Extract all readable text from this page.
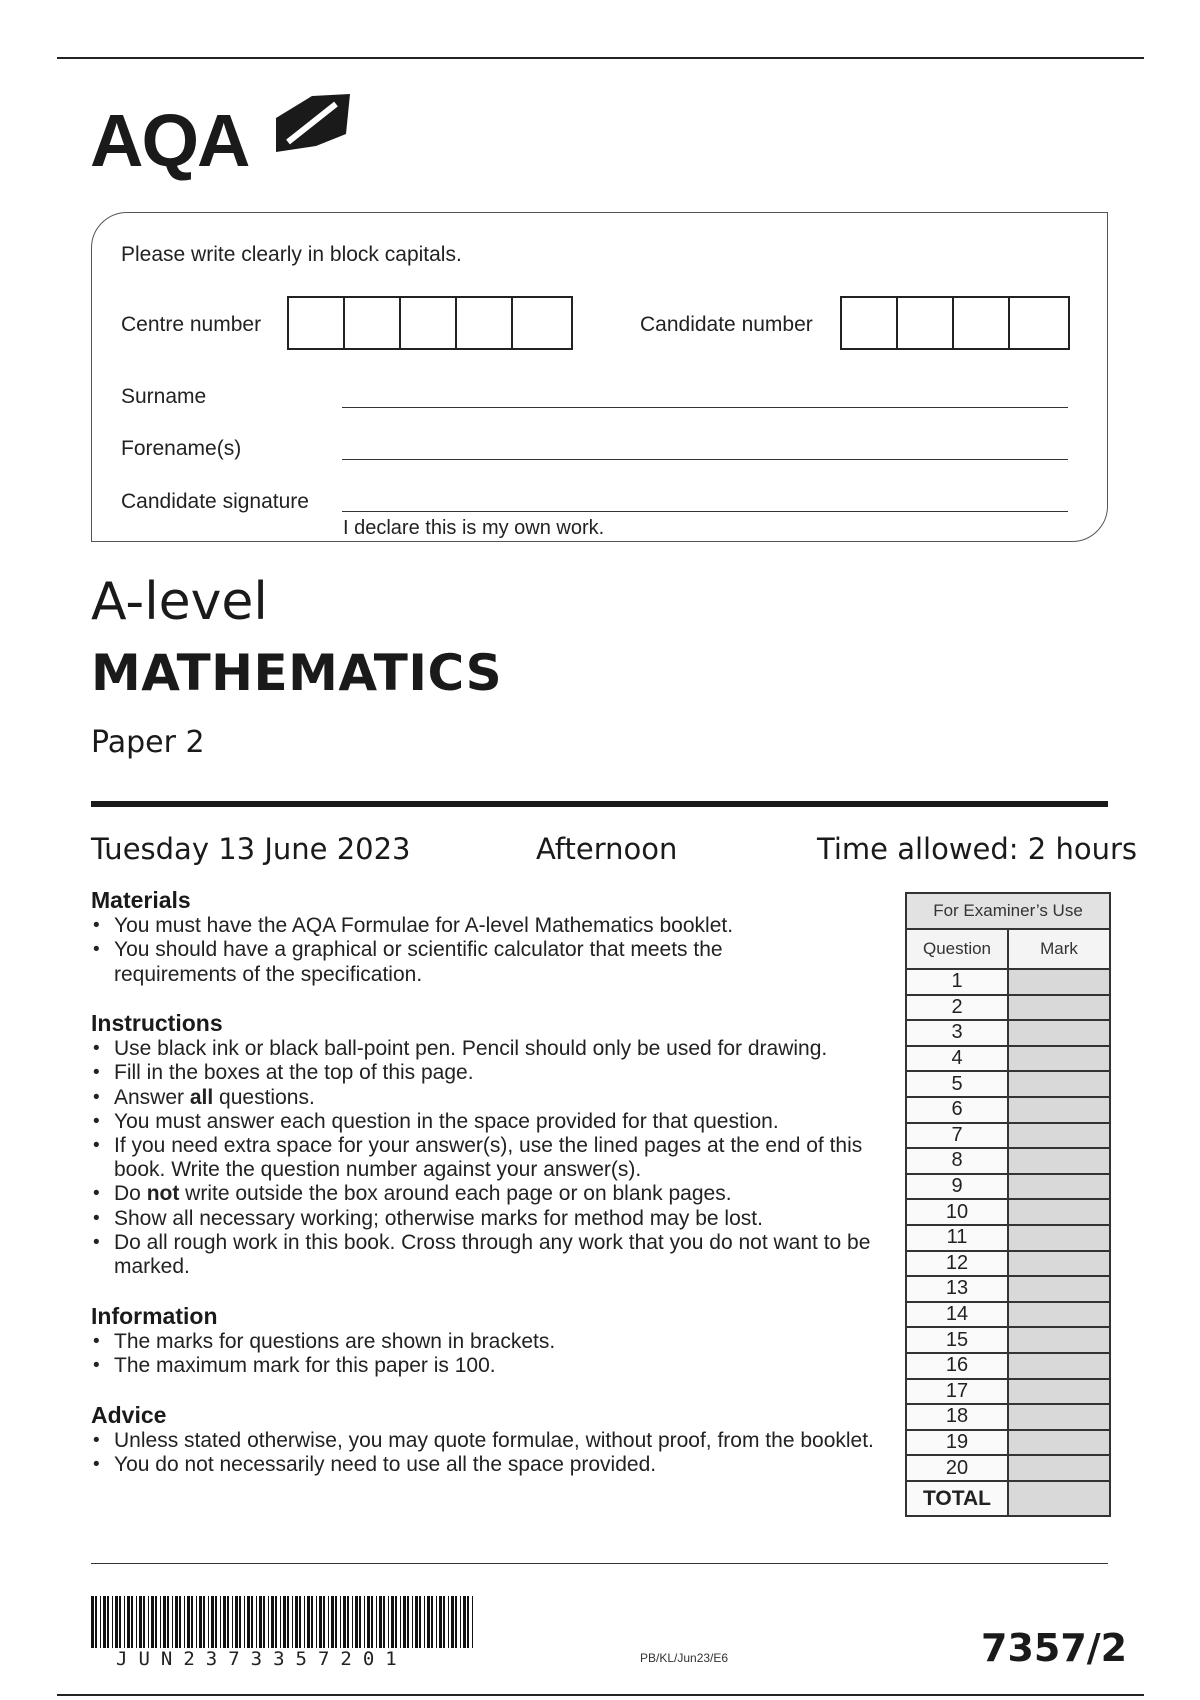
AQA
Please write clearly in block capitals.
Centre number	Candidate number
Surname
Forename(s)
Candidate signature
I declare this is my own work.
A-level
MATHEMATICS
Paper 2
Tuesday 13 June 2023	Afternoon	Time allowed: 2 hours
Materials
• You must have the AQA Formulae for A-level Mathematics booklet.
• You should have a graphical or scientific calculator that meets the requirements of the specification.
Instructions
• Use black ink or black ball-point pen. Pencil should only be used for drawing.
• Fill in the boxes at the top of this page.
• Answer all questions.
• You must answer each question in the space provided for that question.
• If you need extra space for your answer(s), use the lined pages at the end of this book. Write the question number against your answer(s).
• Do not write outside the box around each page or on blank pages.
• Show all necessary working; otherwise marks for method may be lost.
• Do all rough work in this book. Cross through any work that you do not want to be marked.
Information
• The marks for questions are shown in brackets.
• The maximum mark for this paper is 100.
Advice
• Unless stated otherwise, you may quote formulae, without proof, from the booklet.
• You do not necessarily need to use all the space provided.
For Examiner’s Use	
Question	Mark
1	
2	
3	
4	
5	
6	
7	
8	
9	
10	
11	
12	
13	
14	
15	
16	
17	
18	
19	
20	
TOTAL	
JUN2373357201	PB/KL/Jun23/E6	7357/2
